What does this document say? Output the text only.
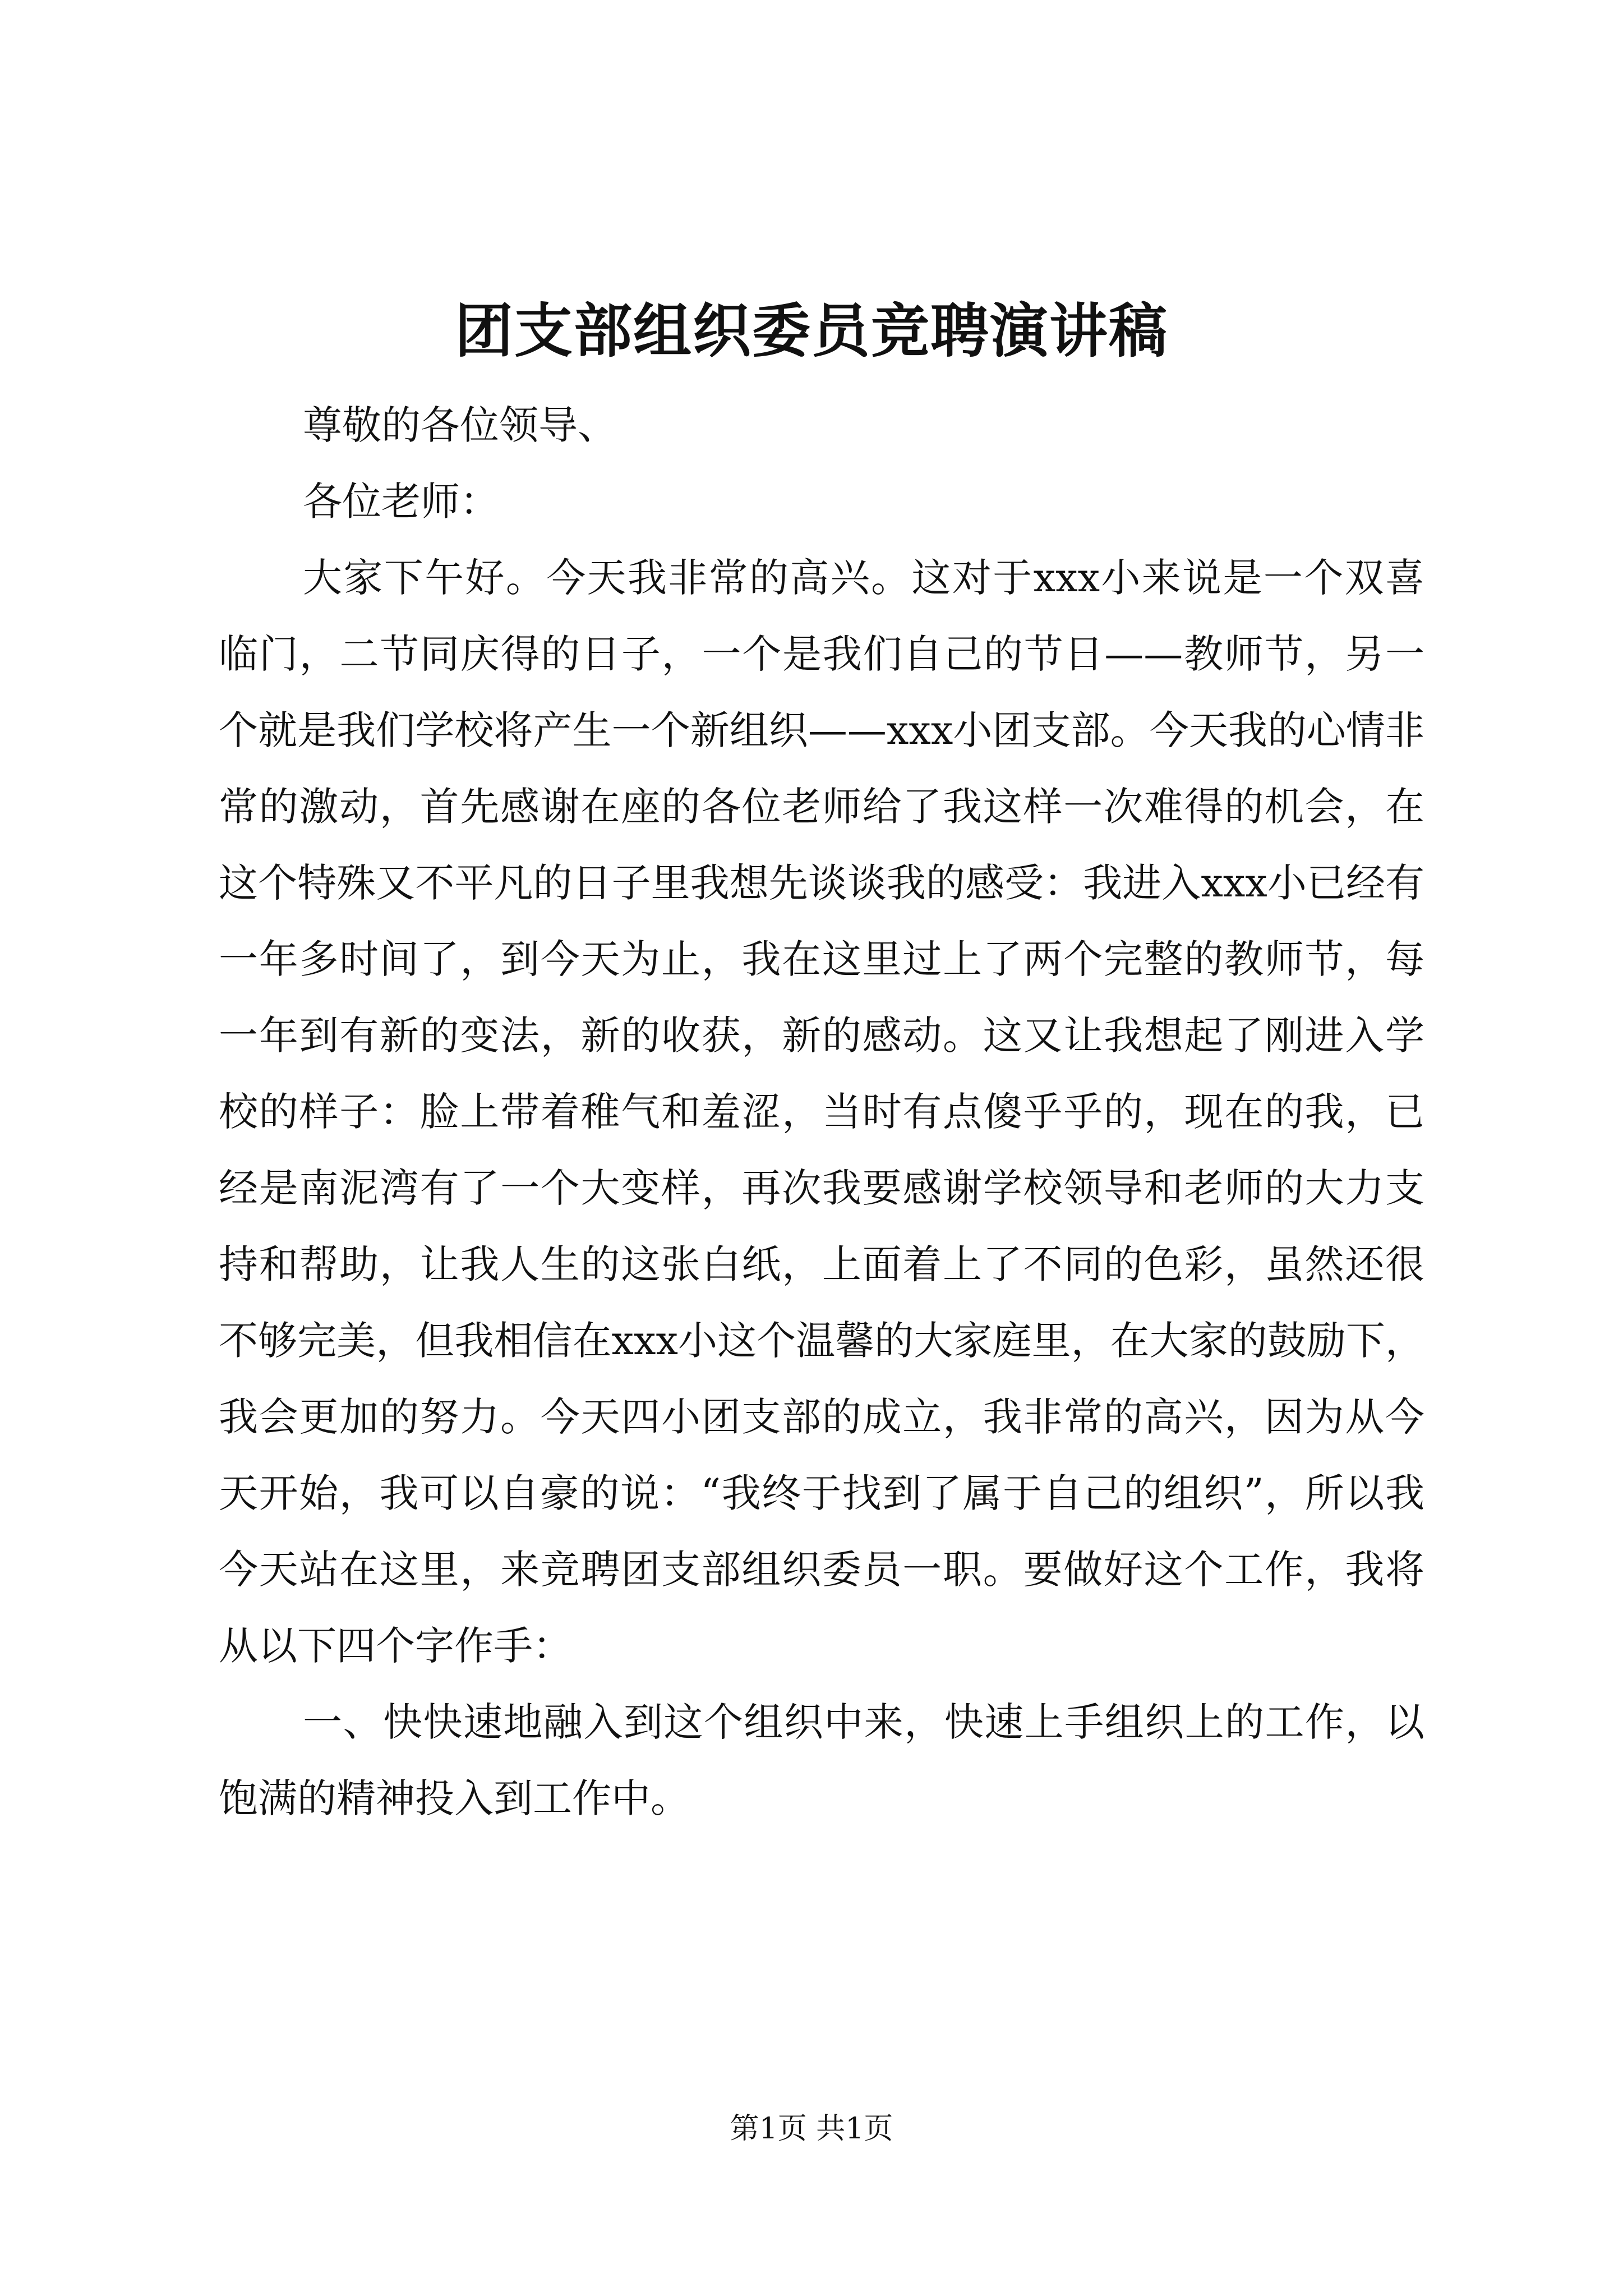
团支部组织委员竞聘演讲稿

尊敬的各位领导、

各位老师：

大家下午好。今天我非常的高兴。这对于xxx小来说是一个双喜临门，二节同庆得的日子，一个是我们自己的节日——教师节，另一个就是我们学校将产生一个新组织——xxx小团支部。今天我的心情非常的激动，首先感谢在座的各位老师给了我这样一次难得的机会，在这个特殊又不平凡的日子里我想先谈谈我的感受：我进入xxx小已经有一年多时间了，到今天为止，我在这里过上了两个完整的教师节，每一年到有新的变法，新的收获，新的感动。这又让我想起了刚进入学校的样子：脸上带着稚气和羞涩，当时有点傻乎乎的，现在的我，已经是南泥湾有了一个大变样，再次我要感谢学校领导和老师的大力支持和帮助，让我人生的这张白纸，上面着上了不同的色彩，虽然还很不够完美，但我相信在xxx小这个温馨的大家庭里，在大家的鼓励下，我会更加的努力。今天四小团支部的成立，我非常的高兴，因为从今天开始，我可以自豪的说：“我终于找到了属于自己的组织”，所以我今天站在这里，来竞聘团支部组织委员一职。要做好这个工作，我将从以下四个字作手：

一、快快速地融入到这个组织中来，快速上手组织上的工作，以饱满的精神投入到工作中。

第1页 共1页
